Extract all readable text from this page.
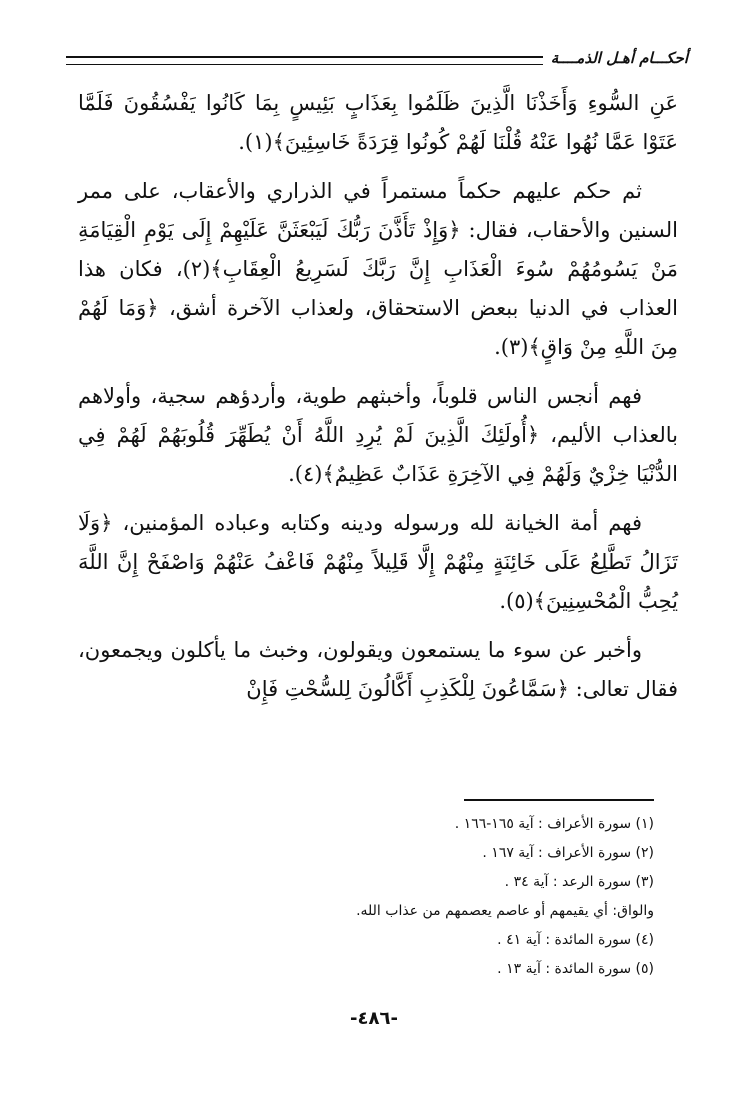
أحكـــام أهـل الذمــــة

عَنِ السُّوءِ وَأَخَذْنَا الَّذِينَ ظَلَمُوا بِعَذَابٍ بَئِيسٍ بِمَا كَانُوا يَفْسُقُونَ فَلَمَّا عَتَوْا عَمَّا نُهُوا عَنْهُ قُلْنَا لَهُمْ كُونُوا قِرَدَةً خَاسِئِينَ﴾(١).

ثم حكم عليهم حكماً مستمراً في الذراري والأعقاب، على ممر السنين والأحقاب، فقال: ﴿وَإِذْ تَأَذَّنَ رَبُّكَ لَيَبْعَثَنَّ عَلَيْهِمْ إِلَى يَوْمِ الْقِيَامَةِ مَنْ يَسُومُهُمْ سُوءَ الْعَذَابِ إِنَّ رَبَّكَ لَسَرِيعُ الْعِقَابِ﴾(٢)، فكان هذا العذاب في الدنيا ببعض الاستحقاق، ولعذاب الآخرة أشق، ﴿وَمَا لَهُمْ مِنَ اللَّهِ مِنْ وَاقٍ﴾(٣).

فهم أنجس الناس قلوباً، وأخبثهم طوية، وأردؤهم سجية، وأولاهم بالعذاب الأليم، ﴿أُولَئِكَ الَّذِينَ لَمْ يُرِدِ اللَّهُ أَنْ يُطَهِّرَ قُلُوبَهُمْ لَهُمْ فِي الدُّنْيَا خِزْيٌ وَلَهُمْ فِي الآخِرَةِ عَذَابٌ عَظِيمٌ﴾(٤).

فهم أمة الخيانة لله ورسوله ودينه وكتابه وعباده المؤمنين، ﴿وَلَا تَزَالُ تَطَّلِعُ عَلَى خَائِنَةٍ مِنْهُمْ إِلَّا قَلِيلاً مِنْهُمْ فَاعْفُ عَنْهُمْ وَاصْفَحْ إِنَّ اللَّهَ يُحِبُّ الْمُحْسِنِينَ﴾(٥).

وأخبر عن سوء ما يستمعون ويقولون، وخبث ما يأكلون ويجمعون، فقال تعالى: ﴿سَمَّاعُونَ لِلْكَذِبِ أَكَّالُونَ لِلسُّحْتِ فَإِنْ

(١) سورة الأعراف : آية ١٦٥-١٦٦ .

(٢) سورة الأعراف : آية ١٦٧ .

(٣) سورة الرعد : آية ٣٤ .

والواق: أي يقيمهم أو عاصم يعصمهم من عذاب الله.

(٤) سورة المائدة : آية ٤١ .

(٥) سورة المائدة : آية ١٣ .

-٤٨٦-
